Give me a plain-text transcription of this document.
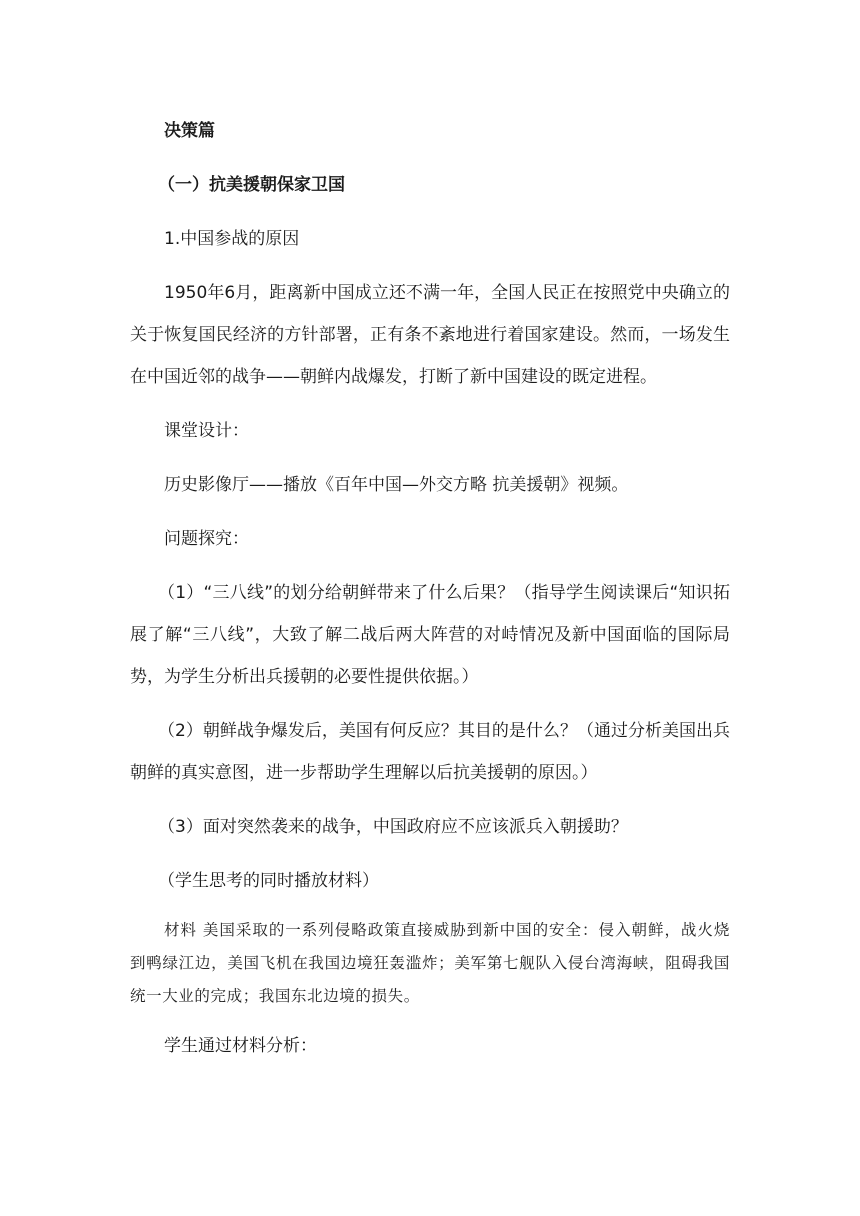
决策篇

（一）抗美援朝保家卫国

1.中国参战的原因

1950年6月，距离新中国成立还不满一年，全国人民正在按照党中央确立的关于恢复国民经济的方针部署，正有条不紊地进行着国家建设。然而，一场发生在中国近邻的战争——朝鲜内战爆发，打断了新中国建设的既定进程。

课堂设计：

历史影像厅——播放《百年中国—外交方略 抗美援朝》视频。

问题探究：

（1）“三八线”的划分给朝鲜带来了什么后果？（指导学生阅读课后“知识拓展了解“三八线”，大致了解二战后两大阵营的对峙情况及新中国面临的国际局势，为学生分析出兵援朝的必要性提供依据。）

（2）朝鲜战争爆发后，美国有何反应？其目的是什么？（通过分析美国出兵朝鲜的真实意图，进一步帮助学生理解以后抗美援朝的原因。）

（3）面对突然袭来的战争，中国政府应不应该派兵入朝援助？

（学生思考的同时播放材料）

材料 美国采取的一系列侵略政策直接威胁到新中国的安全：侵入朝鲜，战火烧到鸭绿江边，美国飞机在我国边境狂轰滥炸；美军第七舰队入侵台湾海峡，阻碍我国统一大业的完成；我国东北边境的损失。

学生通过材料分析：
